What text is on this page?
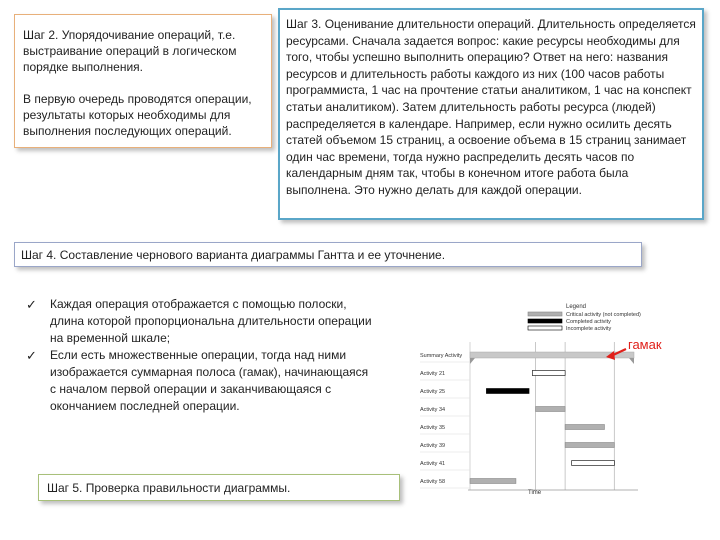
Шаг 2. Упорядочивание операций, т.е. выстраивание операций в логическом порядке выполнения.

В первую очередь проводятся операции, результаты которых необходимы для выполнения последующих операций.

Шаг 3. Оценивание длительности операций. Длительность определяется ресурсами. Сначала задается вопрос: какие ресурсы необходимы для того, чтобы успешно выполнить операцию? Ответ на него: названия ресурсов и длительность работы каждого из них (100 часов работы программиста, 1 час на прочтение статьи аналитиком, 1 час на конспект статьи аналитиком). Затем длительность работы ресурса (людей) распределяется в календаре. Например, если нужно осилить десять статей объемом 15 страниц, а освоение объема в 15 страниц занимает один час времени, тогда нужно распределить десять часов по календарным дням так, чтобы в конечном итоге работа была выполнена. Это нужно делать для каждой операции.

Шаг 4. Составление чернового варианта диаграммы Гантта и ее уточнение.

✓ Каждая операция отображается с помощью полоски, длина которой пропорциональна длительности операции на временной шкале;
✓ Если есть множественные операции, тогда над ними изображается суммарная полоса (гамак), начинающаяся с началом первой операции и заканчивающаяся с окончанием последней операции.
Legend
Critical activity (not completed)
Completed activity
Incomplete activity
Summary Activity
Activity 21
Activity 25
Activity 34
Activity 35
Activity 39
Activity 41
Activity 58
гамак
Time

Шаг 5. Проверка правильности диаграммы.
